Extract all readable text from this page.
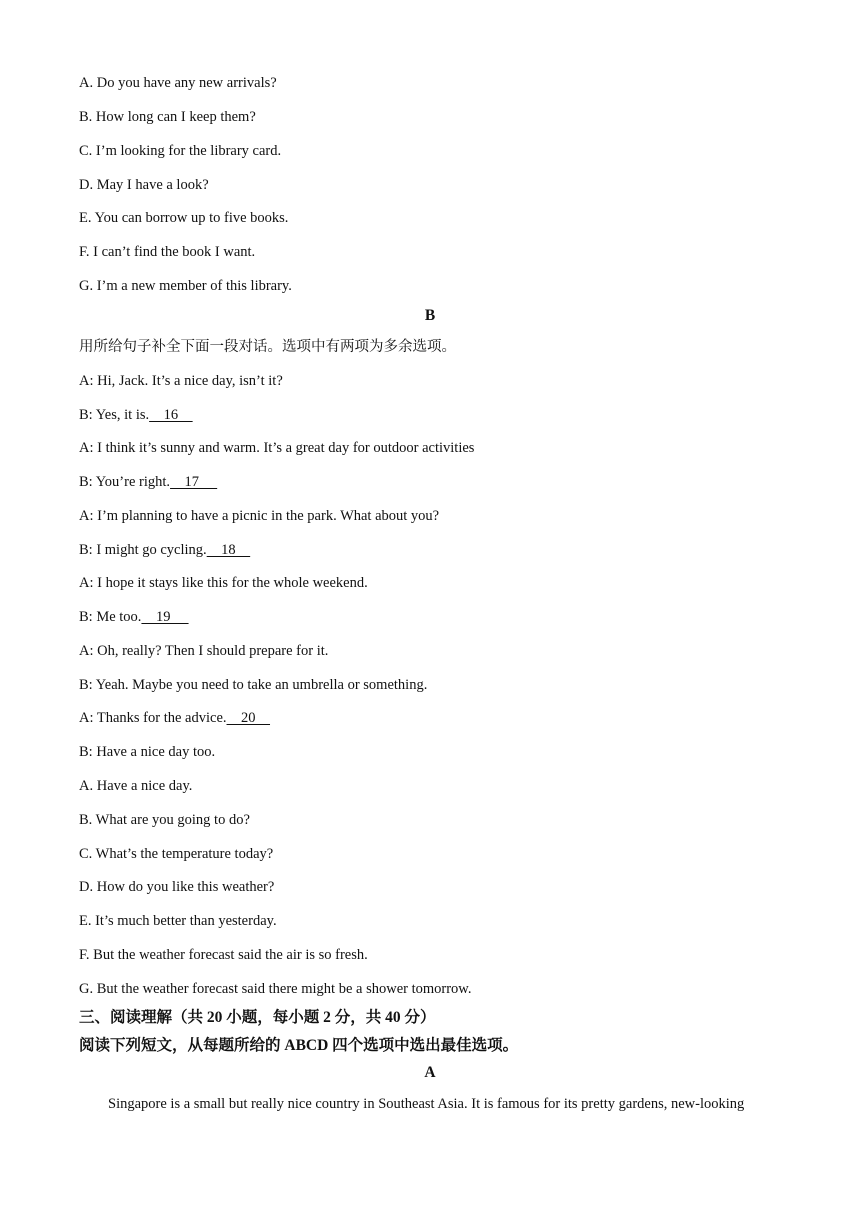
A. Do you have any new arrivals?
B. How long can I keep them?
C. I’m looking for the library card.
D. May I have a look?
E. You can borrow up to five books.
F. I can’t find the book I want.
G. I’m a new member of this library.
B
用所给句子补全下面一段对话。选项中有两项为多余选项。
A: Hi, Jack. It’s a nice day, isn’t it?
B: Yes, it is.    16
A: I think it’s sunny and warm. It’s a great day for outdoor activities
B: You’re right.    17
A: I’m planning to have a picnic in the park. What about you?
B: I might go cycling.    18
A: I hope it stays like this for the whole weekend.
B: Me too.    19
A: Oh, really? Then I should prepare for it.
B: Yeah. Maybe you need to take an umbrella or something.
A: Thanks for the advice.    20
B: Have a nice day too.
A. Have a nice day.
B. What are you going to do?
C. What’s the temperature today?
D. How do you like this weather?
E. It’s much better than yesterday.
F. But the weather forecast said the air is so fresh.
G. But the weather forecast said there might be a shower tomorrow.
三、阅读理解（共 20 小题，每小题 2 分，共 40 分）
阅读下列短文，从每题所给的 ABCD 四个选项中选出最佳选项。
A
Singapore is a small but really nice country in Southeast Asia. It is famous for its pretty gardens, new-looking
